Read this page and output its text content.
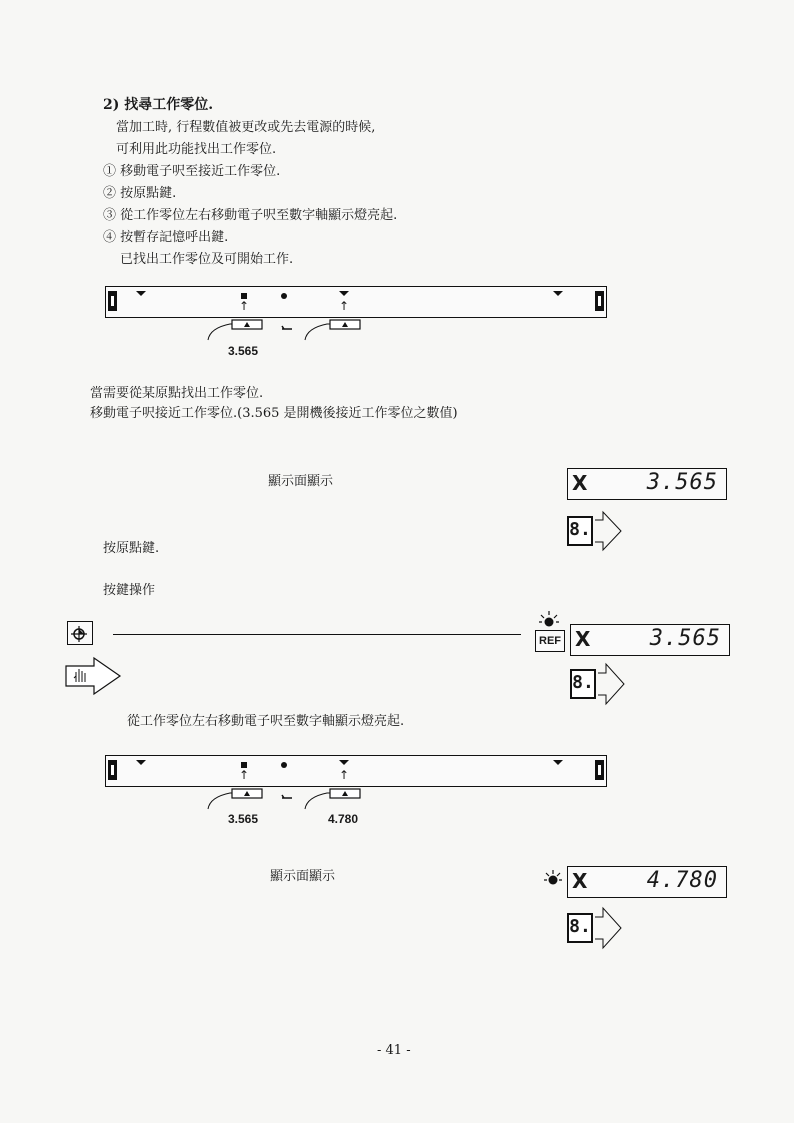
2) 找尋工作零位.
當加工時, 行程數值被更改或先去電源的時候,
可利用此功能找出工作零位.
① 移動電子呎至接近工作零位.
② 按原點鍵.
③ 從工作零位左右移動電子呎至數字軸顯示燈亮起.
④ 按暫存記憶呼出鍵.
已找出工作零位及可開始工作.
↑	↑
3.565
當需要從某原點找出工作零位.
移動電子呎接近工作零位.(3.565 是開機後接近工作零位之數值)
顯示面顯示	X	3.565
8.
按原點鍵.
按鍵操作
REF X	3.565
8.
從工作零位左右移動電子呎至數字軸顯示燈亮起.
↑	↑
3.565	4.780
顯示面顯示	X	4.780
8.
- 41 -
